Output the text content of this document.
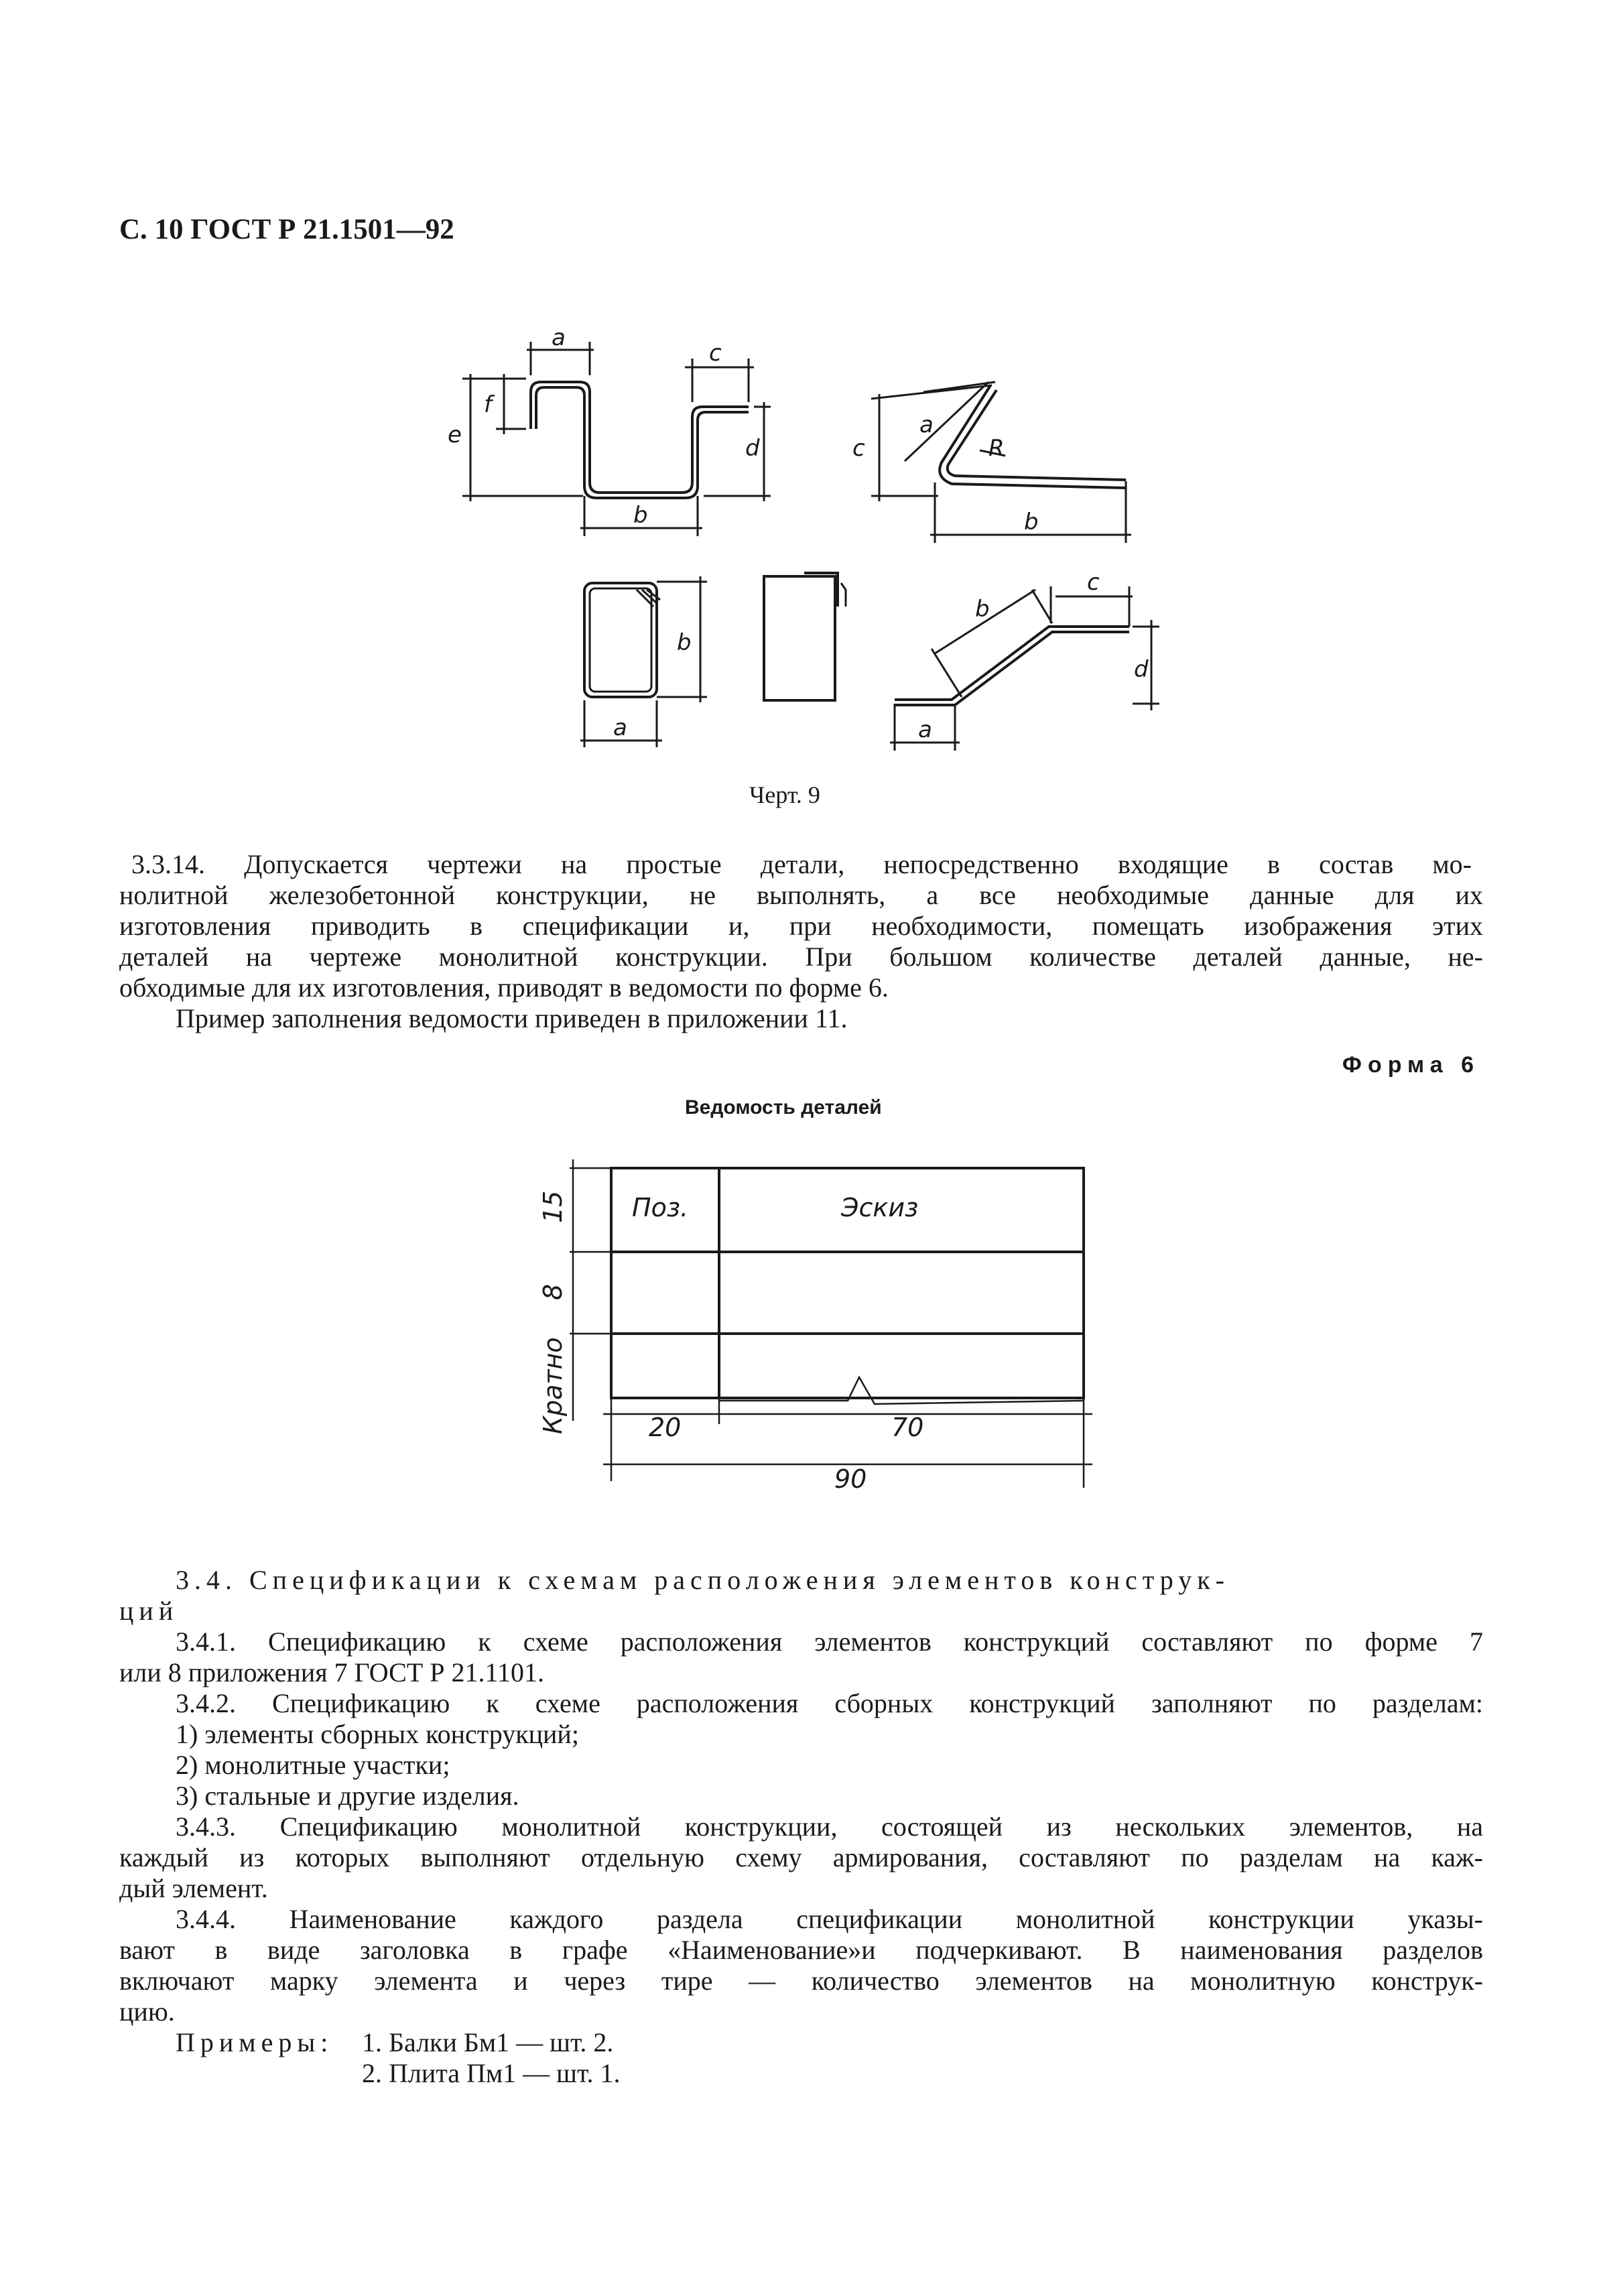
С. 10 ГОСТ Р 21.1501—92
a
c
e
f
d
b
c
a
R
b
b
a
b
c
d
a
Черт. 9
3.3.14. Допускается чертежи на простые детали, непосредственно входящие в состав мо-
нолитной железобетонной конструкции, не выполнять, а все необходимые данные для их
изготовления приводить в спецификации и, при необходимости, помещать изображения этих
деталей на чертеже монолитной конструкции. При большом количестве деталей данные, не-
обходимые для их изготовления, приводят в ведомости по форме 6.
Пример заполнения ведомости приведен в приложении 11.
Форма 6
Ведомость деталей
Поз.	Эскиз
20	70
90
15
8
Кратно
3.4. Спецификации к схемам расположения элементов конструк-
ций
3.4.1. Спецификацию к схеме расположения элементов конструкций составляют по форме 7
или 8 приложения 7 ГОСТ Р 21.1101.
3.4.2. Спецификацию к схеме расположения сборных конструкций заполняют по разделам:
1) элементы сборных конструкций;
2) монолитные участки;
3) стальные и другие изделия.
3.4.3. Спецификацию монолитной конструкции, состоящей из нескольких элементов, на
каждый из которых выполняют отдельную схему армирования, составляют по разделам на каж-
дый элемент.
3.4.4. Наименование каждого раздела спецификации монолитной конструкции указы-
вают в виде заголовка в графе «Наименование»и подчеркивают. В наименования разделов
включают марку элемента и через тире — количество элементов на монолитную конструк-
цию.
Примеры: 1. Балки Бм1 — шт. 2.
2. Плита Пм1 — шт. 1.
